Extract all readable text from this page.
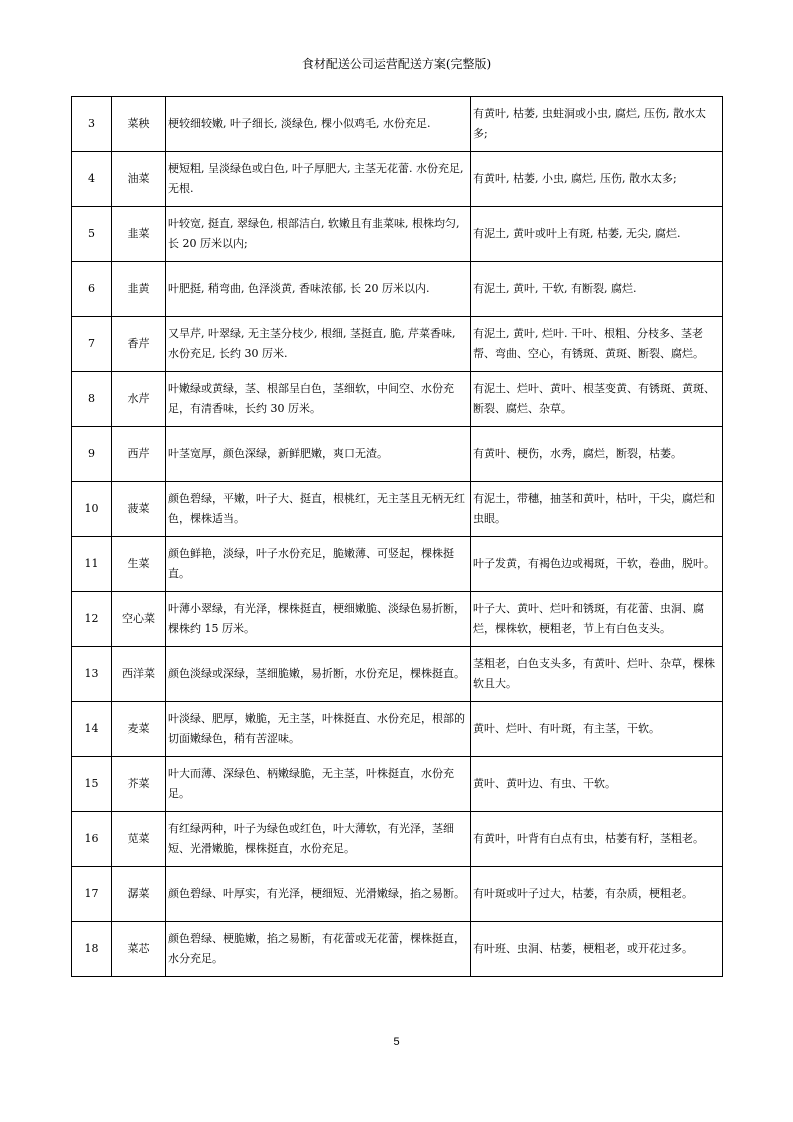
食材配送公司运营配送方案(完整版)
3	菜秧	梗较细较嫩, 叶子细长, 淡绿色, 棵小似鸡毛, 水份充足.	有黄叶, 枯萎, 虫蛀洞或小虫, 腐烂, 压伤, 散水太多;
4	油菜	梗短粗, 呈淡绿色或白色, 叶子厚肥大, 主茎无花蕾. 水份充足, 无根.	有黄叶, 枯萎, 小虫, 腐烂, 压伤, 散水太多;
5	韭菜	叶较宽, 挺直, 翠绿色, 根部洁白, 软嫩且有韭菜味, 根株均匀, 长 20 厉米以内;	有泥土, 黄叶或叶上有斑, 枯萎, 无尖, 腐烂.
6	韭黄	叶肥挺, 稍弯曲, 色泽淡黄, 香味浓郁, 长 20 厉米以内.	有泥土, 黄叶, 干软, 有断裂, 腐烂.
7	香芹	又旱芹, 叶翠绿, 无主茎分枝少, 根细, 茎挺直, 脆, 芹菜香味, 水份充足, 长约 30 厉米.	有泥土, 黄叶, 烂叶. 干叶、根粗、分枝多、茎老帮、弯曲、空心，有锈斑、黄斑、断裂、腐烂。
8	水芹	叶嫩绿或黄绿，茎、根部呈白色，茎细软，中间空、水份充足，有清香味，长约 30 厉米。	有泥土、烂叶、黄叶、根茎变黄、有锈斑、黄斑、断裂、腐烂、杂草。
9	西芹	叶茎宽厚，颜色深绿，新鲜肥嫩，爽口无渣。	有黄叶、梗伤，水秀，腐烂，断裂，枯萎。
10	菠菜	颜色碧绿，平嫩，叶子大、挺直，根桃红，无主茎且无柄无红色，棵株适当。	有泥土，带穗，抽茎和黄叶，枯叶，干尖，腐烂和虫眼。
11	生菜	颜色鲜艳，淡绿，叶子水份充足，脆嫩薄、可竖起，棵株挺直。	叶子发黄，有褐色边或褐斑，干软，卷曲，脱叶。
12	空心菜	叶薄小翠绿，有光泽，棵株挺直，梗细嫩脆、淡绿色易折断，棵株约 15 厉米。	叶子大、黄叶、烂叶和锈斑，有花蕾、虫洞、腐烂，棵株软，梗粗老，节上有白色支头。
13	西洋菜	颜色淡绿或深绿，茎细脆嫩，易折断，水份充足，棵株挺直。	茎粗老，白色支头多，有黄叶、烂叶、杂草，棵株软且大。
14	麦菜	叶淡绿、肥厚，嫩脆，无主茎，叶株挺直、水份充足，根部的切面嫩绿色，稍有苦涩味。	黄叶、烂叶、有叶斑，有主茎，干软。
15	芥菜	叶大而薄、深绿色、柄嫩绿脆，无主茎，叶株挺直，水份充足。	黄叶、黄叶边、有虫、干软。
16	苋菜	有红绿两种，叶子为绿色或红色，叶大薄软，有光泽，茎细短、光滑嫩脆，棵株挺直，水份充足。	有黄叶，叶背有白点有虫，枯萎有籽，茎粗老。
17	潺菜	颜色碧绿、叶厚实，有光泽，梗细短、光滑嫩绿，掐之易断。	有叶斑或叶子过大，枯萎，有杂质，梗粗老。
18	菜芯	颜色碧绿、梗脆嫩，掐之易断，有花蕾或无花蕾，棵株挺直，水分充足。	有叶班、虫洞、枯萎，梗粗老，或开花过多。
5
